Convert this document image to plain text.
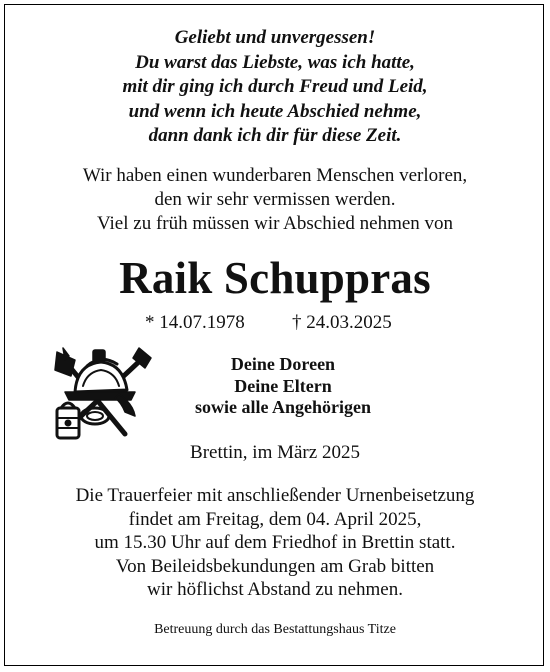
Geliebt und unvergessen!
Du warst das Liebste, was ich hatte,
mit dir ging ich durch Freud und Leid,
und wenn ich heute Abschied nehme,
dann dank ich dir für diese Zeit.
Wir haben einen wunderbaren Menschen verloren,
den wir sehr vermissen werden.
Viel zu früh müssen wir Abschied nehmen von
Raik Schuppras
* 14.07.1978 † 24.03.2025
Deine Doreen
Deine Eltern
sowie alle Angehörigen
Brettin, im März 2025
Die Trauerfeier mit anschließender Urnenbeisetzung
findet am Freitag, dem 04. April 2025,
um 15.30 Uhr auf dem Friedhof in Brettin statt.
Von Beileidsbekundungen am Grab bitten
wir höflichst Abstand zu nehmen.
Betreuung durch das Bestattungshaus Titze
